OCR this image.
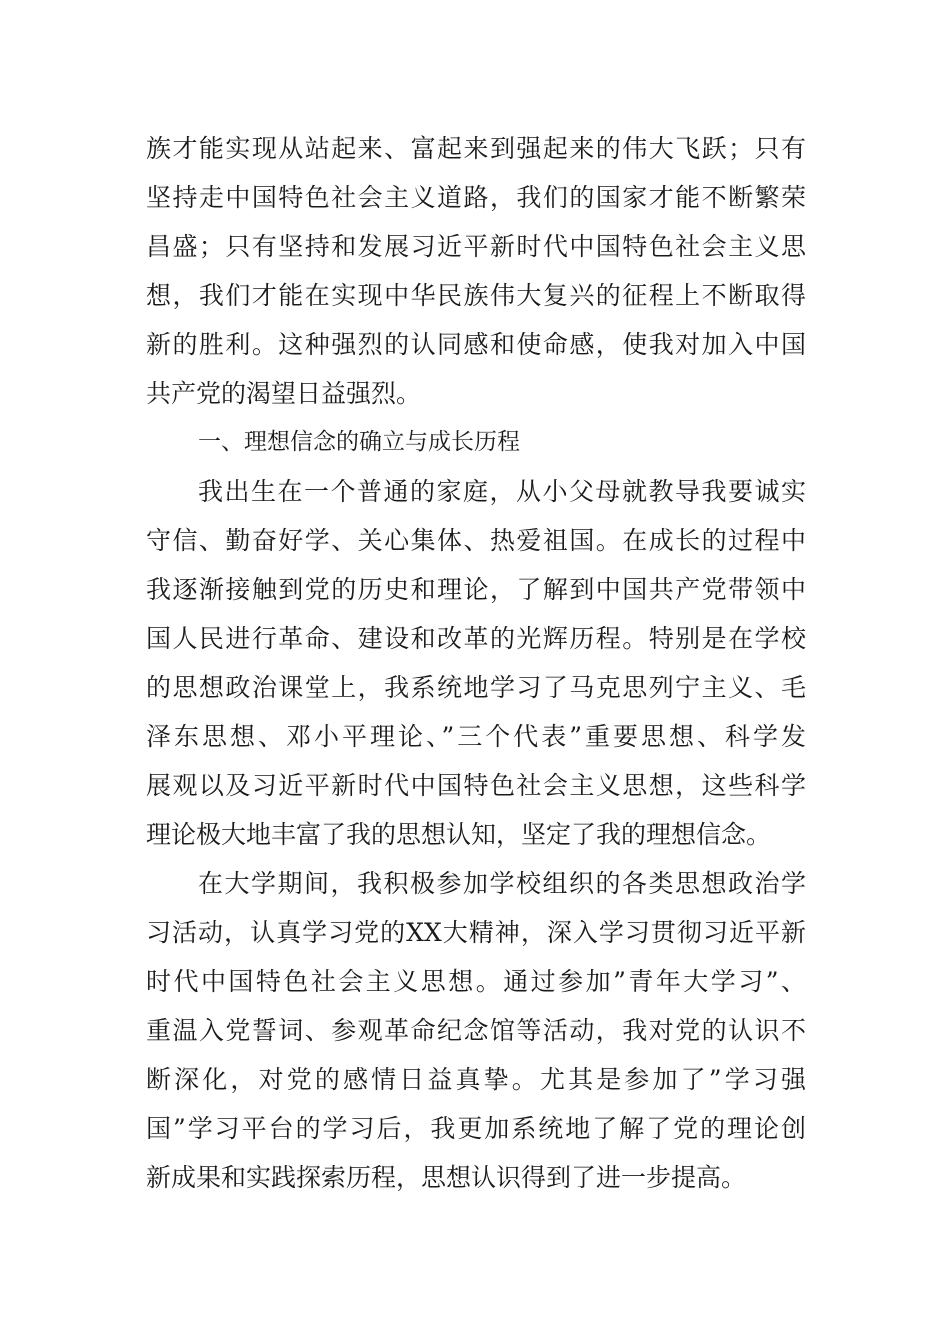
族才能实现从站起来、富起来到强起来的伟大飞跃；只有
坚持走中国特色社会主义道路，我们的国家才能不断繁荣
昌盛；只有坚持和发展习近平新时代中国特色社会主义思
想，我们才能在实现中华民族伟大复兴的征程上不断取得
新的胜利。这种强烈的认同感和使命感，使我对加入中国
共产党的渴望日益强烈。
一、理想信念的确立与成长历程
我出生在一个普通的家庭，从小父母就教导我要诚实
守信、勤奋好学、关心集体、热爱祖国。在成长的过程中
我逐渐接触到党的历史和理论，了解到中国共产党带领中
国人民进行革命、建设和改革的光辉历程。特别是在学校
的思想政治课堂上，我系统地学习了马克思列宁主义、毛
泽东思想、邓小平理论、”三个代表”重要思想、科学发
展观以及习近平新时代中国特色社会主义思想，这些科学
理论极大地丰富了我的思想认知，坚定了我的理想信念。
在大学期间，我积极参加学校组织的各类思想政治学
习活动，认真学习党的XX大精神，深入学习贯彻习近平新
时代中国特色社会主义思想。通过参加”青年大学习”、
重温入党誓词、参观革命纪念馆等活动，我对党的认识不
断深化，对党的感情日益真挚。尤其是参加了”学习强
国”学习平台的学习后，我更加系统地了解了党的理论创
新成果和实践探索历程，思想认识得到了进一步提高。
